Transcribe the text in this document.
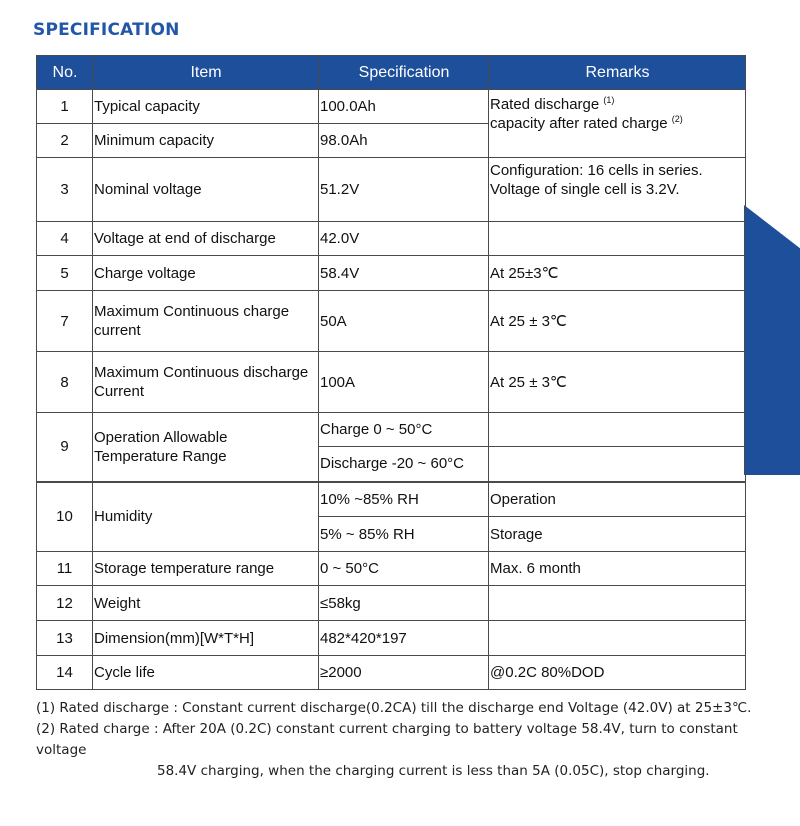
SPECIFICATION
No.	Item	Specification	Remarks
1	Typical capacity	100.0Ah	Rated discharge $^{(1)}$
capacity after rated charge $^{(2)}$

2	Minimum capacity	98.0Ah	
3	Nominal voltage	51.2V	Configuration: 16 cells in series.
Voltage of single cell is 3.2V.

4	Voltage at end of discharge	42.0V	
5	Charge voltage	58.4V	At 25±3℃
7	Maximum Continuous charge
current	50A	At 25 ± 3℃
8	Maximum Continuous discharge
Current	100A	At 25 ± 3℃
9	Operation Allowable
Temperature Range	Charge 0 ~ 50°C	
		Discharge -20 ~ 60°C	
10	Humidity	10% ~85% RH	Operation
		5% ~ 85% RH	Storage
11	Storage temperature range	0 ~ 50°C	Max. 6 month
12	Weight	≤58kg	
13	Dimension(mm)[W*T*H]	482*420*197	
14	Cycle life	≥2000	@0.2C 80%DOD
(1) Rated discharge : Constant current discharge(0.2CA) till the discharge end Voltage (42.0V) at 25±3℃.
(2) Rated charge : After 20A (0.2C) constant current charging to battery voltage 58.4V, turn to constant voltage
58.4V charging, when the charging current is less than 5A (0.05C), stop charging.
